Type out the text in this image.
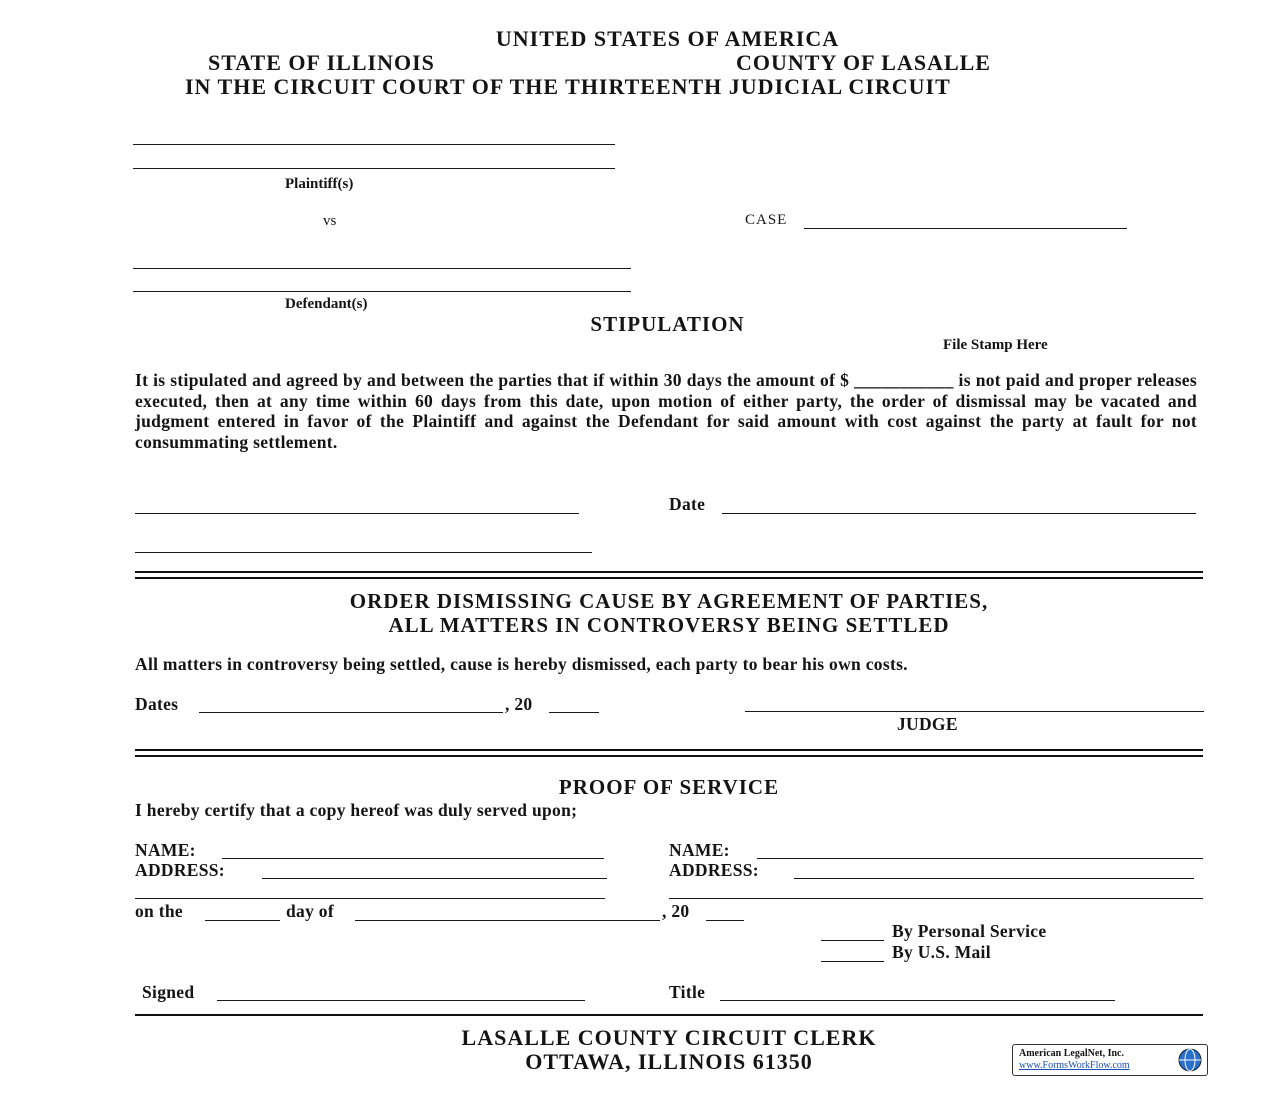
UNITED STATES OF AMERICA
STATE OF ILLINOIS	COUNTY OF LASALLE
IN THE CIRCUIT COURT OF THE THIRTEENTH JUDICIAL CIRCUIT
Plaintiff(s)
vs	CASE
Defendant(s)
STIPULATION
File Stamp Here
It is stipulated and agreed by and between the parties that if within 30 days the amount of $ ___________ is not paid and proper releases executed, then at any time within 60 days from this date, upon motion of either party, the order of dismissal may be vacated and judgment entered in favor of the Plaintiff and against the Defendant for said amount with cost against the party at fault for not consummating settlement.
Date
ORDER DISMISSING CAUSE BY AGREEMENT OF PARTIES,
ALL MATTERS IN CONTROVERSY BEING SETTLED
All matters in controversy being settled, cause is hereby dismissed, each party to bear his own costs.
Dates	, 20
JUDGE
PROOF OF SERVICE
I hereby certify that a copy hereof was duly served upon;
NAME:
ADDRESS:
NAME:
ADDRESS:
on the	day of	, 20
By Personal Service
By U.S. Mail
Signed	Title
LASALLE COUNTY CIRCUIT CLERK
OTTAWA, ILLINOIS 61350	American LegalNet, Inc.
www.FormsWorkFlow.com
